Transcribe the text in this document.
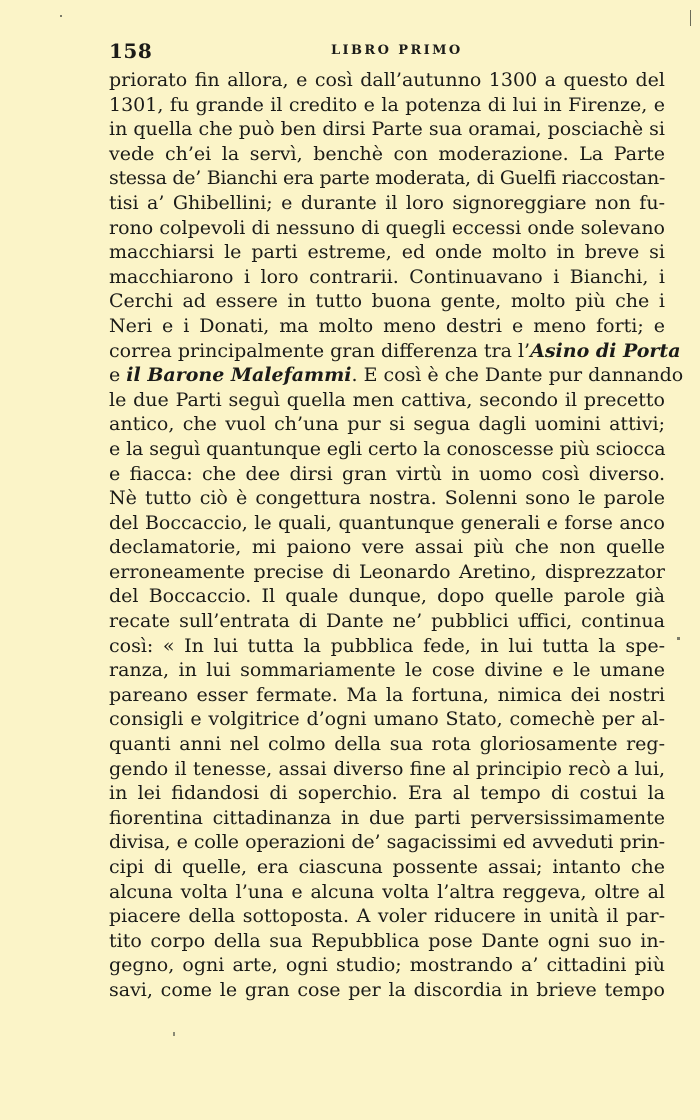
158	LIBRO PRIMO
priorato fin allora, e così dall’autunno 1300 a questo del
1301, fu grande il credito e la potenza di lui in Firenze, e
in quella che può ben dirsi Parte sua oramai, posciachè si
vede ch’ei la servì, benchè con moderazione. La Parte
stessa de’ Bianchi era parte moderata, di Guelfi riaccostan-
tisi a’ Ghibellini; e durante il loro signoreggiare non fu-
rono colpevoli di nessuno di quegli eccessi onde solevano
macchiarsi le parti estreme, ed onde molto in breve si
macchiarono i loro contrarii. Continuavano i Bianchi, i
Cerchi ad essere in tutto buona gente, molto più che i
Neri e i Donati, ma molto meno destri e meno forti; e
correa principalmente gran differenza tra l’Asino di Porta
e il Barone Malefammi. E così è che Dante pur dannando
le due Parti seguì quella men cattiva, secondo il precetto
antico, che vuol ch’una pur si segua dagli uomini attivi;
e la seguì quantunque egli certo la conoscesse più sciocca
e fiacca: che dee dirsi gran virtù in uomo così diverso.
Nè tutto ciò è congettura nostra. Solenni sono le parole
del Boccaccio, le quali, quantunque generali e forse anco
declamatorie, mi paiono vere assai più che non quelle
erroneamente precise di Leonardo Aretino, disprezzator
del Boccaccio. Il quale dunque, dopo quelle parole già
recate sull’entrata di Dante ne’ pubblici uffici, continua
così: « In lui tutta la pubblica fede, in lui tutta la spe-
ranza, in lui sommariamente le cose divine e le umane
pareano esser fermate. Ma la fortuna, nimica dei nostri
consigli e volgitrice d’ogni umano Stato, comechè per al-
quanti anni nel colmo della sua rota gloriosamente reg-
gendo il tenesse, assai diverso fine al principio recò a lui,
in lei fidandosi di soperchio. Era al tempo di costui la
fiorentina cittadinanza in due parti perversissimamente
divisa, e colle operazioni de’ sagacissimi ed avveduti prin-
cipi di quelle, era ciascuna possente assai; intanto che
alcuna volta l’una e alcuna volta l’altra reggeva, oltre al
piacere della sottoposta. A voler riducere in unità il par-
tito corpo della sua Repubblica pose Dante ogni suo in-
gegno, ogni arte, ogni studio; mostrando a’ cittadini più
savi, come le gran cose per la discordia in brieve tempo
